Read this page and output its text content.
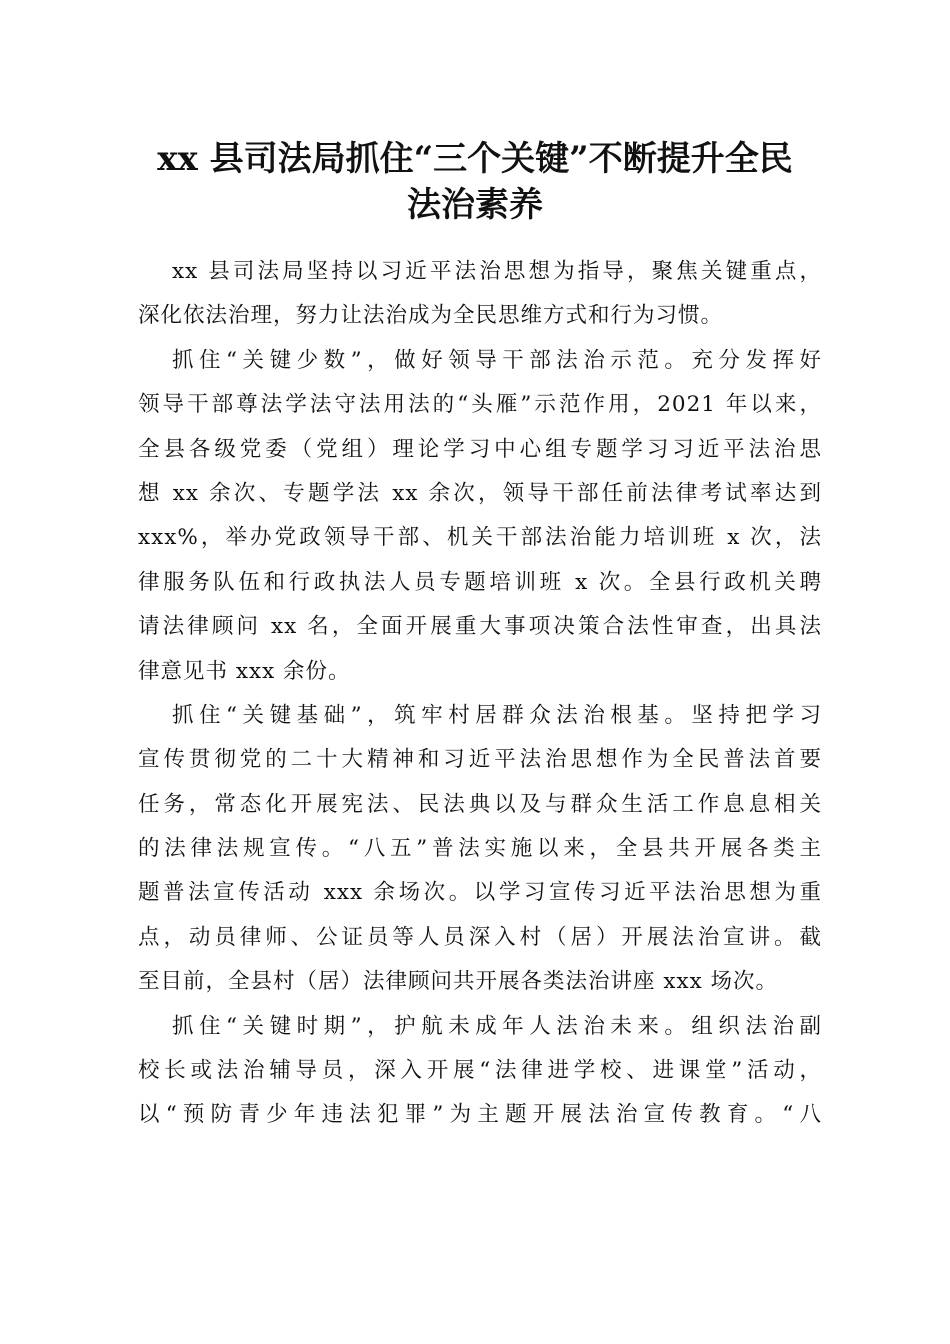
xx 县司法局抓住“三个关键”不断提升全民
法治素养
xx 县司法局坚持以习近平法治思想为指导，聚焦关键重点，
深化依法治理，努力让法治成为全民思维方式和行为习惯。
抓住“关键少数”，做好领导干部法治示范。充分发挥好
领导干部尊法学法守法用法的“头雁”示范作用，2021 年以来，
全县各级党委（党组）理论学习中心组专题学习习近平法治思
想 xx 余次、专题学法 xx 余次，领导干部任前法律考试率达到
xxx%，举办党政领导干部、机关干部法治能力培训班 x 次，法
律服务队伍和行政执法人员专题培训班 x 次。全县行政机关聘
请法律顾问 xx 名，全面开展重大事项决策合法性审查，出具法
律意见书 xxx 余份。
抓住“关键基础”，筑牢村居群众法治根基。坚持把学习
宣传贯彻党的二十大精神和习近平法治思想作为全民普法首要
任务，常态化开展宪法、民法典以及与群众生活工作息息相关
的法律法规宣传。“八五”普法实施以来，全县共开展各类主
题普法宣传活动 xxx 余场次。以学习宣传习近平法治思想为重
点，动员律师、公证员等人员深入村（居）开展法治宣讲。截
至目前，全县村（居）法律顾问共开展各类法治讲座 xxx 场次。
抓住“关键时期”，护航未成年人法治未来。组织法治副
校长或法治辅导员，深入开展“法律进学校、进课堂”活动，
以“预防青少年违法犯罪”为主题开展法治宣传教育。“八
